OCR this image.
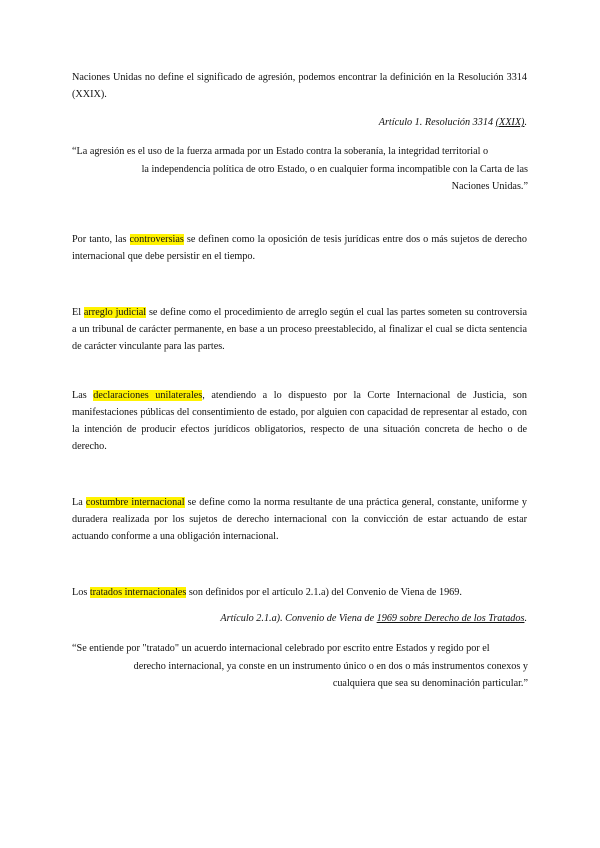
Naciones Unidas no define el significado de agresión, podemos encontrar la definición en la Resolución 3314 (XXIX).

Artículo 1. Resolución 3314 (XXIX).

“La agresión es el uso de la fuerza armada por un Estado contra la soberanía, la integridad territorial o
la independencia política de otro Estado, o en cualquier forma incompatible con la Carta de las Naciones Unidas.”

Por tanto, las controversias se definen como la oposición de tesis jurídicas entre dos o más sujetos de derecho internacional que debe persistir en el tiempo.

El arreglo judicial se define como el procedimiento de arreglo según el cual las partes someten su controversia a un tribunal de carácter permanente, en base a un proceso preestablecido, al finalizar el cual se dicta sentencia de carácter vinculante para las partes.

Las declaraciones unilaterales, atendiendo a lo dispuesto por la Corte Internacional de Justicia, son manifestaciones públicas del consentimiento de estado, por alguien con capacidad de representar al estado, con la intención de producir efectos jurídicos obligatorios, respecto de una situación concreta de hecho o de derecho.

La costumbre internacional se define como la norma resultante de una práctica general, constante, uniforme y duradera realizada por los sujetos de derecho internacional con la convicción de estar actuando de estar actuando conforme a una obligación internacional.

Los tratados internacionales son definidos por el artículo 2.1.a) del Convenio de Viena de 1969.

Artículo 2.1.a). Convenio de Viena de 1969 sobre Derecho de los Tratados.

“Se entiende por "tratado" un acuerdo internacional celebrado por escrito entre Estados y regido por el
derecho internacional, ya conste en un instrumento único o en dos o más instrumentos conexos y cualquiera que sea su denominación particular.”
